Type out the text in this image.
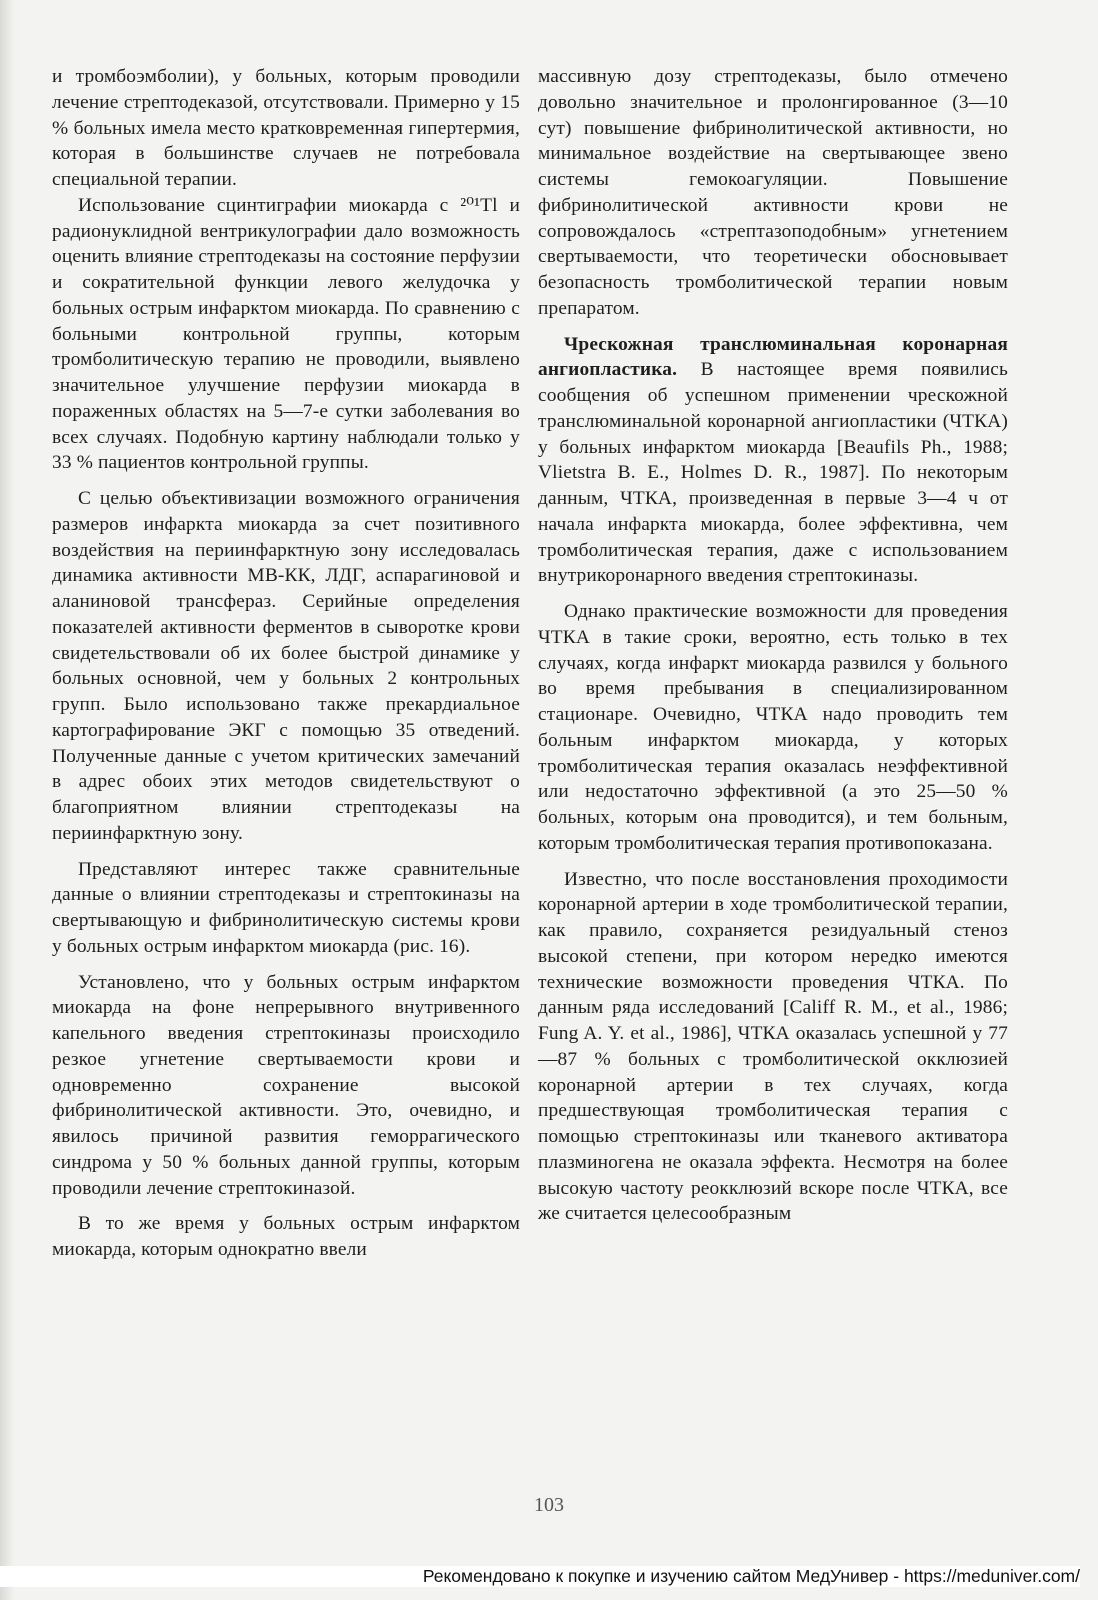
и тромбоэмболии), у больных, которым проводили лечение стрептодеказой, отсутствовали. Примерно у 15 % больных имела место кратковременная гипертермия, которая в большинстве случаев не потребовала специальной терапии.

Использование сцинтиграфии миокарда с ²⁰¹Tl и радионуклидной вентрикулографии дало возможность оценить влияние стрептодеказы на состояние перфузии и сократительной функции левого желудочка у больных острым инфарктом миокарда. По сравнению с больными контрольной группы, которым тромболитическую терапию не проводили, выявлено значительное улучшение перфузии миокарда в пораженных областях на 5—7-е сутки заболевания во всех случаях. Подобную картину наблюдали только у 33 % пациентов контрольной группы.

С целью объективизации возможного ограничения размеров инфаркта миокарда за счет позитивного воздействия на периинфарктную зону исследовалась динамика активности МВ-КК, ЛДГ, аспарагиновой и аланиновой трансфераз. Серийные определения показателей активности ферментов в сыворотке крови свидетельствовали об их более быстрой динамике у больных основной, чем у больных 2 контрольных групп. Было использовано также прекардиальное картографирование ЭКГ с помощью 35 отведений. Полученные данные с учетом критических замечаний в адрес обоих этих методов свидетельствуют о благоприятном влиянии стрептодеказы на периинфарктную зону.

Представляют интерес также сравнительные данные о влиянии стрептодеказы и стрептокиназы на свертывающую и фибринолитическую системы крови у больных острым инфарктом миокарда (рис. 16).

Установлено, что у больных острым инфарктом миокарда на фоне непрерывного внутривенного капельного введения стрептокиназы происходило резкое угнетение свертываемости крови и одновременно сохранение высокой фибринолитической активности. Это, очевидно, и явилось причиной развития геморрагического синдрома у 50 % больных данной группы, которым проводили лечение стрептокиназой.

В то же время у больных острым инфарктом миокарда, которым однократно ввели

массивную дозу стрептодеказы, было отмечено довольно значительное и пролонгированное (3—10 сут) повышение фибринолитической активности, но минимальное воздействие на свертывающее звено системы гемокоагуляции. Повышение фибринолитической активности крови не сопровождалось «стрептазоподобным» угнетением свертываемости, что теоретически обосновывает безопасность тромболитической терапии новым препаратом.

Чрескожная транслюминальная коронарная ангиопластика. В настоящее время появились сообщения об успешном применении чрескожной транслюминальной коронарной ангиопластики (ЧТКА) у больных инфарктом миокарда [Beaufils Ph., 1988; Vlietstra B. E., Holmes D. R., 1987]. По некоторым данным, ЧТКА, произведенная в первые 3—4 ч от начала инфаркта миокарда, более эффективна, чем тромболитическая терапия, даже с использованием внутрикоронарного введения стрептокиназы.

Однако практические возможности для проведения ЧТКА в такие сроки, вероятно, есть только в тех случаях, когда инфаркт миокарда развился у больного во время пребывания в специализированном стационаре. Очевидно, ЧТКА надо проводить тем больным инфарктом миокарда, у которых тромболитическая терапия оказалась неэффективной или недостаточно эффективной (а это 25—50 % больных, которым она проводится), и тем больным, которым тромболитическая терапия противопоказана.

Известно, что после восстановления проходимости коронарной артерии в ходе тромболитической терапии, как правило, сохраняется резидуальный стеноз высокой степени, при котором нередко имеются технические возможности проведения ЧТКА. По данным ряда исследований [Califf R. M., et al., 1986; Fung A. Y. et al., 1986], ЧТКА оказалась успешной у 77—87 % больных с тромболитической окклюзией коронарной артерии в тех случаях, когда предшествующая тромболитическая терапия с помощью стрептокиназы или тканевого активатора плазминогена не оказала эффекта. Несмотря на более высокую частоту реокклюзий вскоре после ЧТКА, все же считается целесообразным

103
Рекомендовано к покупке и изучению сайтом МедУнивер - https://meduniver.com/
